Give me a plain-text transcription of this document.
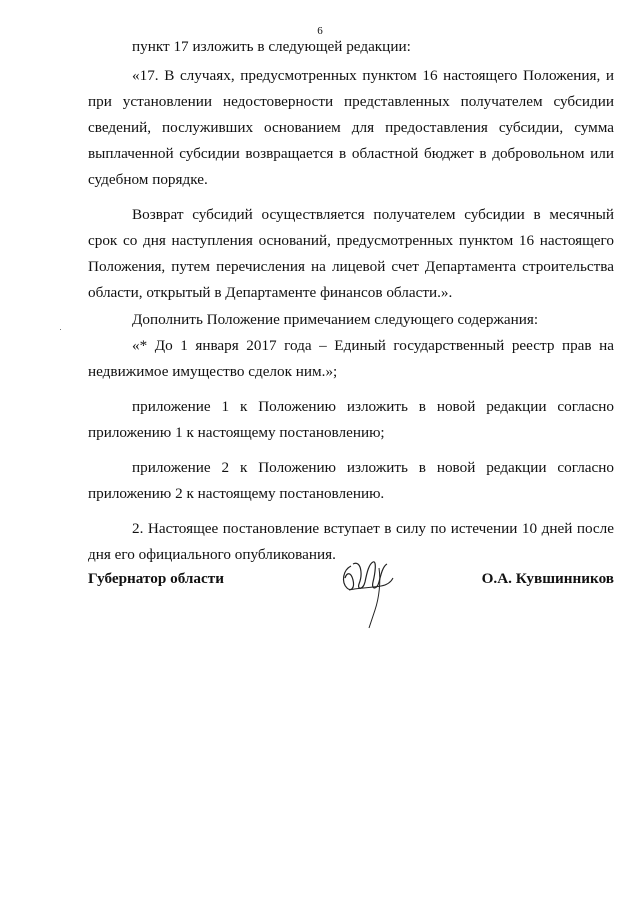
6

пункт 17 изложить в следующей редакции:

«17. В случаях, предусмотренных пунктом 16 настоящего Положения, и при установлении недостоверности представленных получателем субсидии сведений, послуживших основанием для предоставления субсидии, сумма выплаченной субсидии возвращается в областной бюджет в добровольном или судебном порядке.

Возврат субсидий осуществляется получателем субсидии в месячный срок со дня наступления оснований, предусмотренных пунктом 16 настоящего Положения, путем перечисления на лицевой счет Департамента строительства области, открытый в Департаменте финансов области.».

Дополнить Положение примечанием следующего содержания:

«* До 1 января 2017 года – Единый государственный реестр прав на недвижимое имущество сделок ним.»;

приложение 1 к Положению изложить в новой редакции согласно приложению 1 к настоящему постановлению;

приложение 2 к Положению изложить в новой редакции согласно приложению 2 к настоящему постановлению.

2. Настоящее постановление вступает в силу по истечении 10 дней после дня его официального опубликования.

Губернатор области	О.А. Кувшинников
